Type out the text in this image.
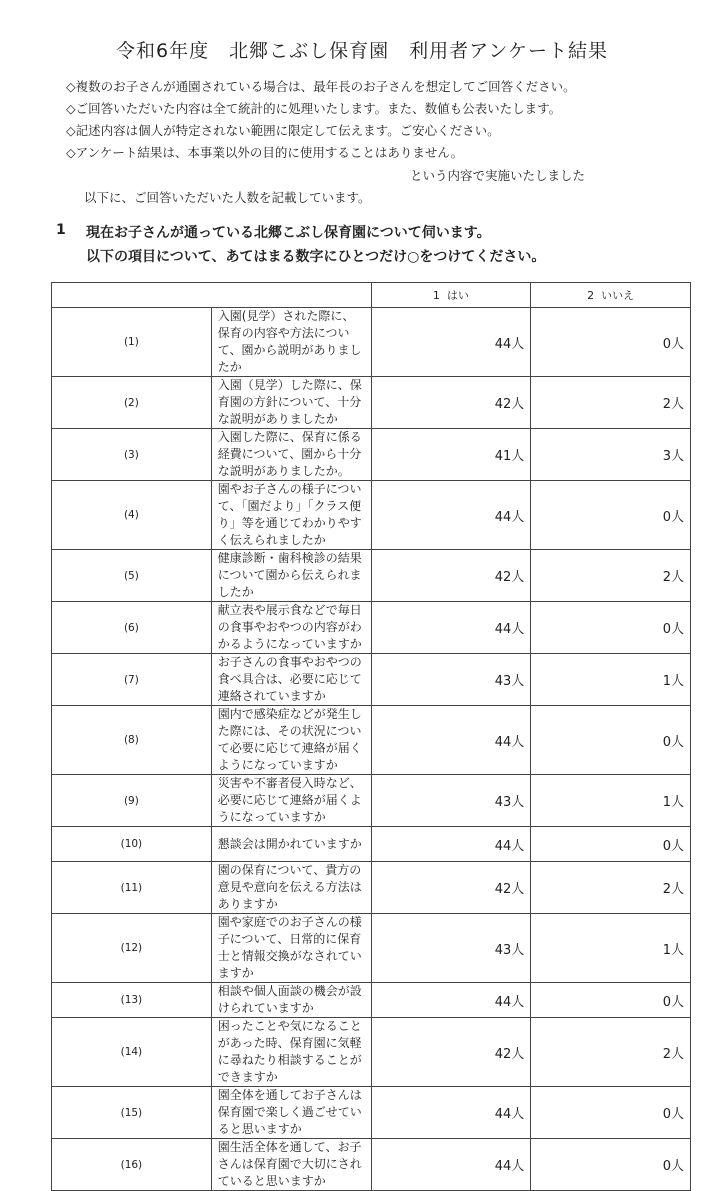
令和6年度　北郷こぶし保育園　利用者アンケート結果
◇複数のお子さんが通園されている場合は、最年長のお子さんを想定してご回答ください。
◇ご回答いただいた内容は全て統計的に処理いたします。また、数値も公表いたします。
◇記述内容は個人が特定されない範囲に限定して伝えます。ご安心ください。
◇アンケート結果は、本事業以外の目的に使用することはありません。
という内容で実施いたしました
以下に、ご回答いただいた人数を記載しています。
1 現在お子さんが通っている北郷こぶし保育園について伺います。
以下の項目について、あてはまる数字にひとつだけ○をつけてください。
		1  はい	2  いいえ
(1)	入園(見学）された際に、保育の内容や方法について、園から説明がありましたか	44人	0人
(2)	入園（見学）した際に、保育園の方針について、十分な説明がありましたか	42人	2人
(3)	入園した際に、保育に係る経費について、園から十分な説明がありましたか。	41人	3人
(4)	園やお子さんの様子について、「園だより」「クラス便り」等を通じてわかりやすく伝えられましたか	44人	0人
(5)	健康診断・歯科検診の結果について園から伝えられましたか	42人	2人
(6)	献立表や展示食などで毎日の食事やおやつの内容がわかるようになっていますか	44人	0人
(7)	お子さんの食事やおやつの食べ具合は、必要に応じて連絡されていますか	43人	1人
(8)	園内で感染症などが発生した際には、その状況について必要に応じて連絡が届くようになっていますか	44人	0人
(9)	災害や不審者侵入時など、必要に応じて連絡が届くようになっていますか	43人	1人
(10)	懇談会は開かれていますか	44人	0人
(11)	園の保育について、貴方の意見や意向を伝える方法はありますか	42人	2人
(12)	園や家庭でのお子さんの様子について、日常的に保育士と情報交換がなされていますか	43人	1人
(13)	相談や個人面談の機会が設けられていますか	44人	0人
(14)	困ったことや気になることがあった時、保育園に気軽に尋ねたり相談することができますか	42人	2人
(15)	園全体を通してお子さんは保育園で楽しく過ごせていると思いますか	44人	0人
(16)	園生活全体を通して、お子さんは保育園で大切にされていると思いますか	44人	0人
